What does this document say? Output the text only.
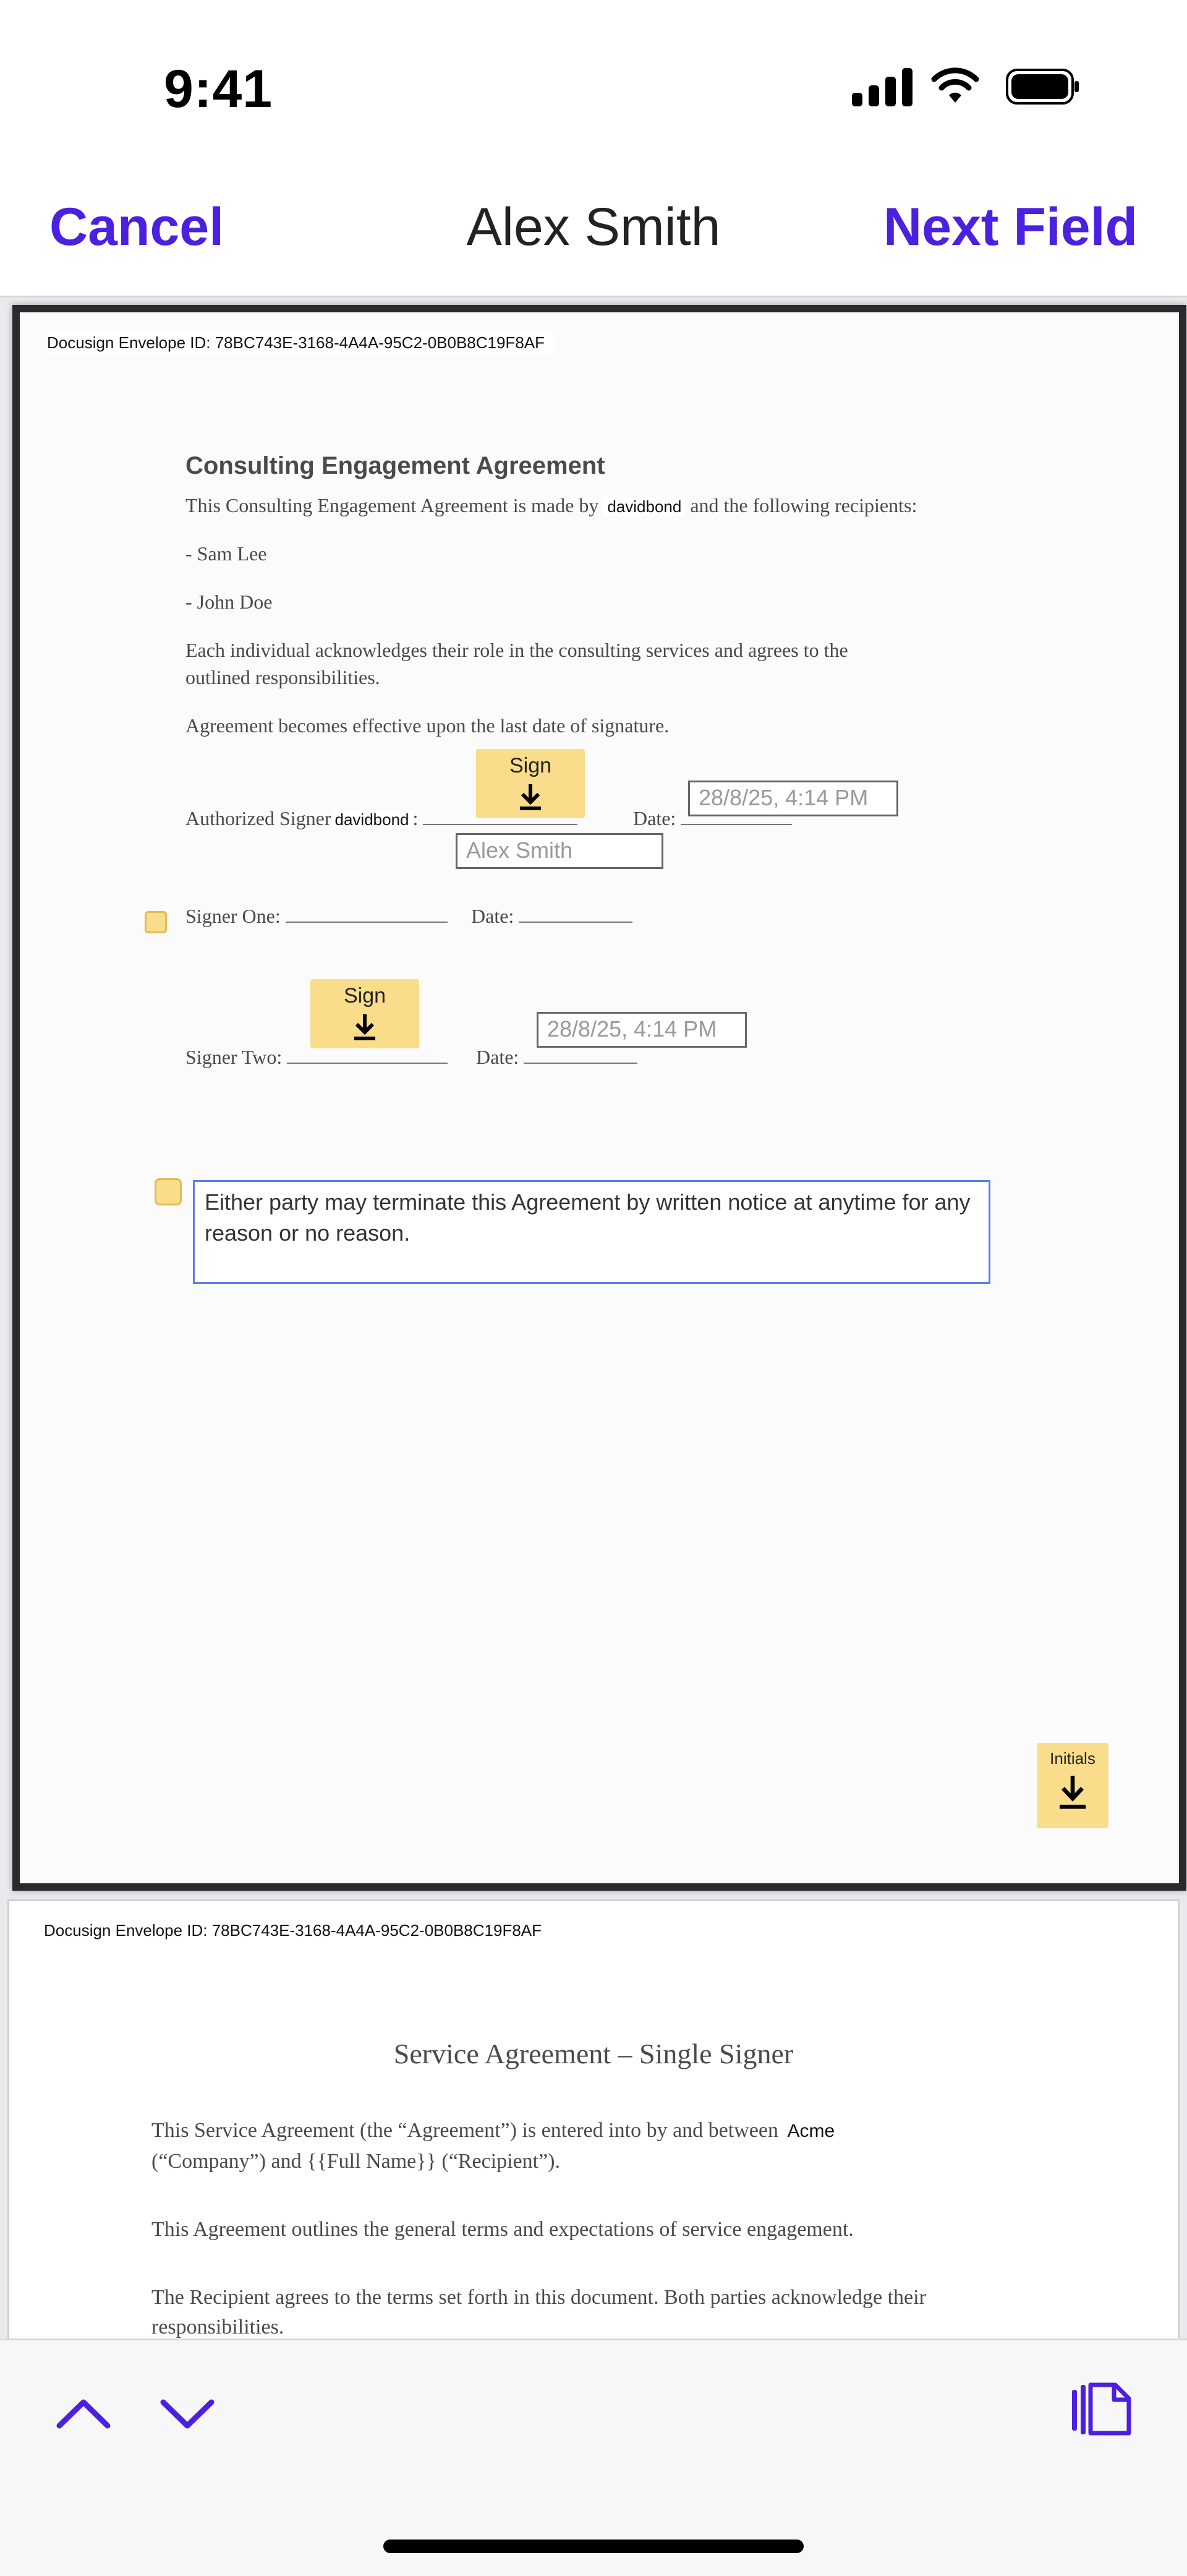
9:41
Cancel	Alex Smith	Next Field
Docusign Envelope ID: 78BC743E-3168-4A4A-95C2-0B0B8C19F8AF
Consulting Engagement Agreement
This Consulting Engagement Agreement is made by davidbond and the following recipients:
- Sam Lee
- John Doe
Each individual acknowledges their role in the consulting services and agrees to the
outlined responsibilities.
Agreement becomes effective upon the last date of signature.
Authorized Signer davidbond :	Date:
Sign
28/8/25, 4:14 PM
Alex Smith
Signer One:	Date:
Sign
Signer Two:	Date:
28/8/25, 4:14 PM
Either party may terminate this Agreement by written notice at anytime for any reason or no reason.
Initials
Docusign Envelope ID: 78BC743E-3168-4A4A-95C2-0B0B8C19F8AF
Service Agreement – Single Signer
This Service Agreement (the “Agreement”) is entered into by and between Acme
(“Company”) and {{Full Name}} (“Recipient”).
This Agreement outlines the general terms and expectations of service engagement.
The Recipient agrees to the terms set forth in this document. Both parties acknowledge their
responsibilities.
